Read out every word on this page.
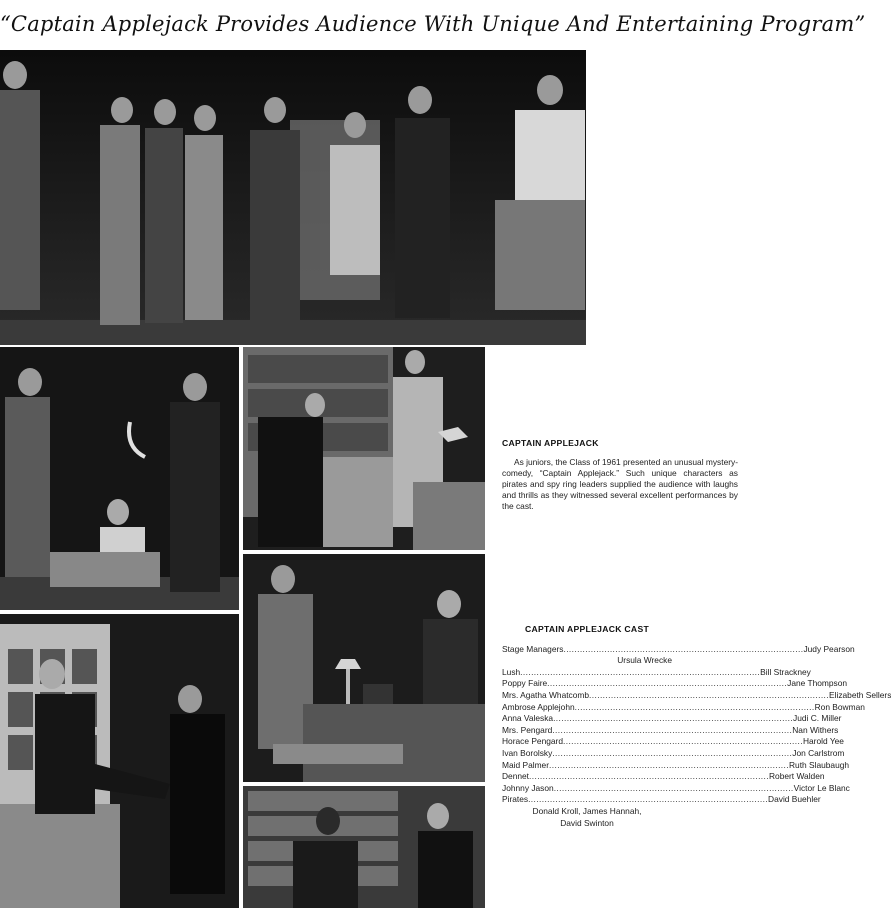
“Captain Applejack Provides Audience With Unique And Entertaining Program”
CAPTAIN APPLEJACK

As juniors, the Class of 1961 presented an unusual mystery-comedy, “Captain Applejack.” Such unique characters as pirates and spy ring leaders supplied the audience with laughs and thrills as they witnessed several excellent performances by the cast.

CAPTAIN APPLEJACK CAST
Stage Managers .....	Judy Pearson
Ursula Wrecke
Lush .....	Bill Strackney
Poppy Faire .....	Jane Thompson
Mrs. Agatha Whatcomb .....	Elizabeth Sellers
Ambrose Applejohn .....	Ron Bowman
Anna Valeska .....	Judi C. Miller
Mrs. Pengard .....	Nan Withers
Horace Pengard .....	Harold Yee
Ivan Borolsky .....	Jon Carlstrom
Maid Palmer .....	Ruth Slaubaugh
Dennet .....	Robert Walden
Johnny Jason .....	Victor Le Blanc
Pirates .....	David Buehler
Donald Kroll, James Hannah,
David Swinton
